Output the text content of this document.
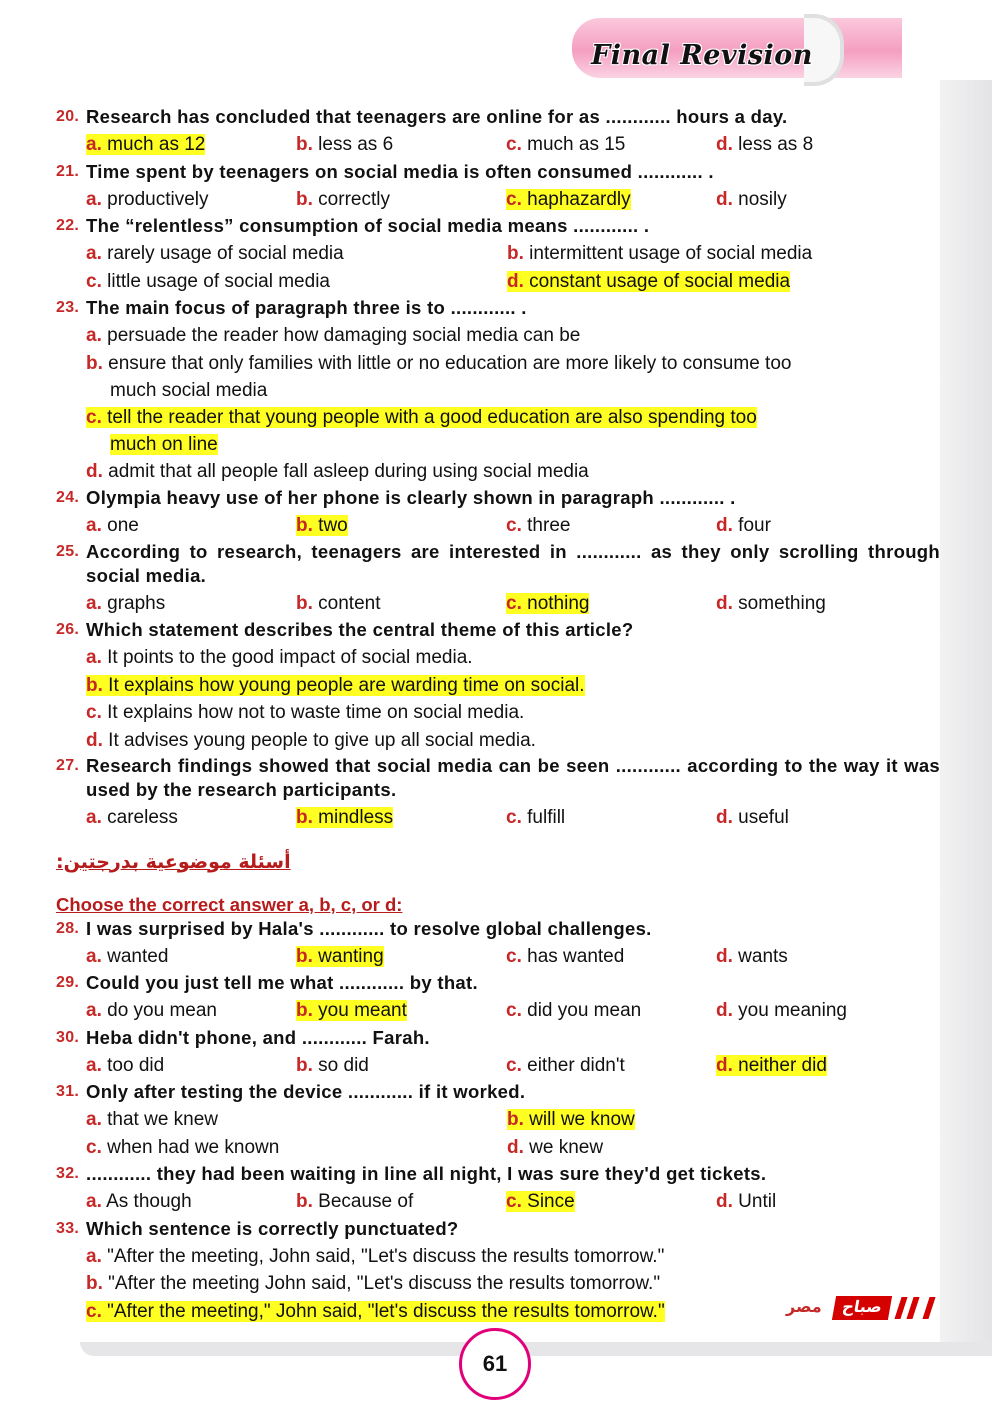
Final Revision
20. Research has concluded that teenagers are online for as ............ hours a day.
a. much as 12	b. less as 6	c. much as 15	d. less as 8
21. Time spent by teenagers on social media is often consumed ............ .
a. productively	b. correctly	c. haphazardly	d. nosily
22. The “relentless” consumption of social media means ............ .
a. rarely usage of social media	b. intermittent usage of social media
c. little usage of social media	d. constant usage of social media
23. The main focus of paragraph three is to ............ .
a. persuade the reader how damaging social media can be
b. ensure that only families with little or no education are more likely to consume too
much social media
c. tell the reader that young people with a good education are also spending too
much on line
d. admit that all people fall asleep during using social media
24. Olympia heavy use of her phone is clearly shown in paragraph ............ .
a. one	b. two	c. three	d. four
25. According to research, teenagers are interested in ............ as they only scrolling through social media.
a. graphs	b. content	c. nothing	d. something
26. Which statement describes the central theme of this article?
a. It points to the good impact of social media.
b. It explains how young people are warding time on social.
c. It explains how not to waste time on social media.
d. It advises young people to give up all social media.
27. Research findings showed that social media can be seen ............ according to the way it was used by the research participants.
a. careless	b. mindless	c. fulfill	d. useful
أسئلة موضوعية بدرجتين:
Choose the correct answer a, b, c, or d:
28. I was surprised by Hala's ............ to resolve global challenges.
a. wanted	b. wanting	c. has wanted	d. wants
29. Could you just tell me what ............ by that.
a. do you mean	b. you meant	c. did you mean	d. you meaning
30. Heba didn't phone, and ............ Farah.
a. too did	b. so did	c. either didn't	d. neither did
31. Only after testing the device ............ if it worked.
a. that we knew	b. will we know
c. when had we known	d. we knew
32. ............ they had been waiting in line all night, I was sure they'd get tickets.
a. As though	b. Because of	c. Since	d. Until
33. Which sentence is correctly punctuated?
a. "After the meeting, John said, "Let's discuss the results tomorrow."
b. "After the meeting John said, "Let's discuss the results tomorrow."
c. "After the meeting," John said, "let's discuss the results tomorrow."	مصر	صباح
61
